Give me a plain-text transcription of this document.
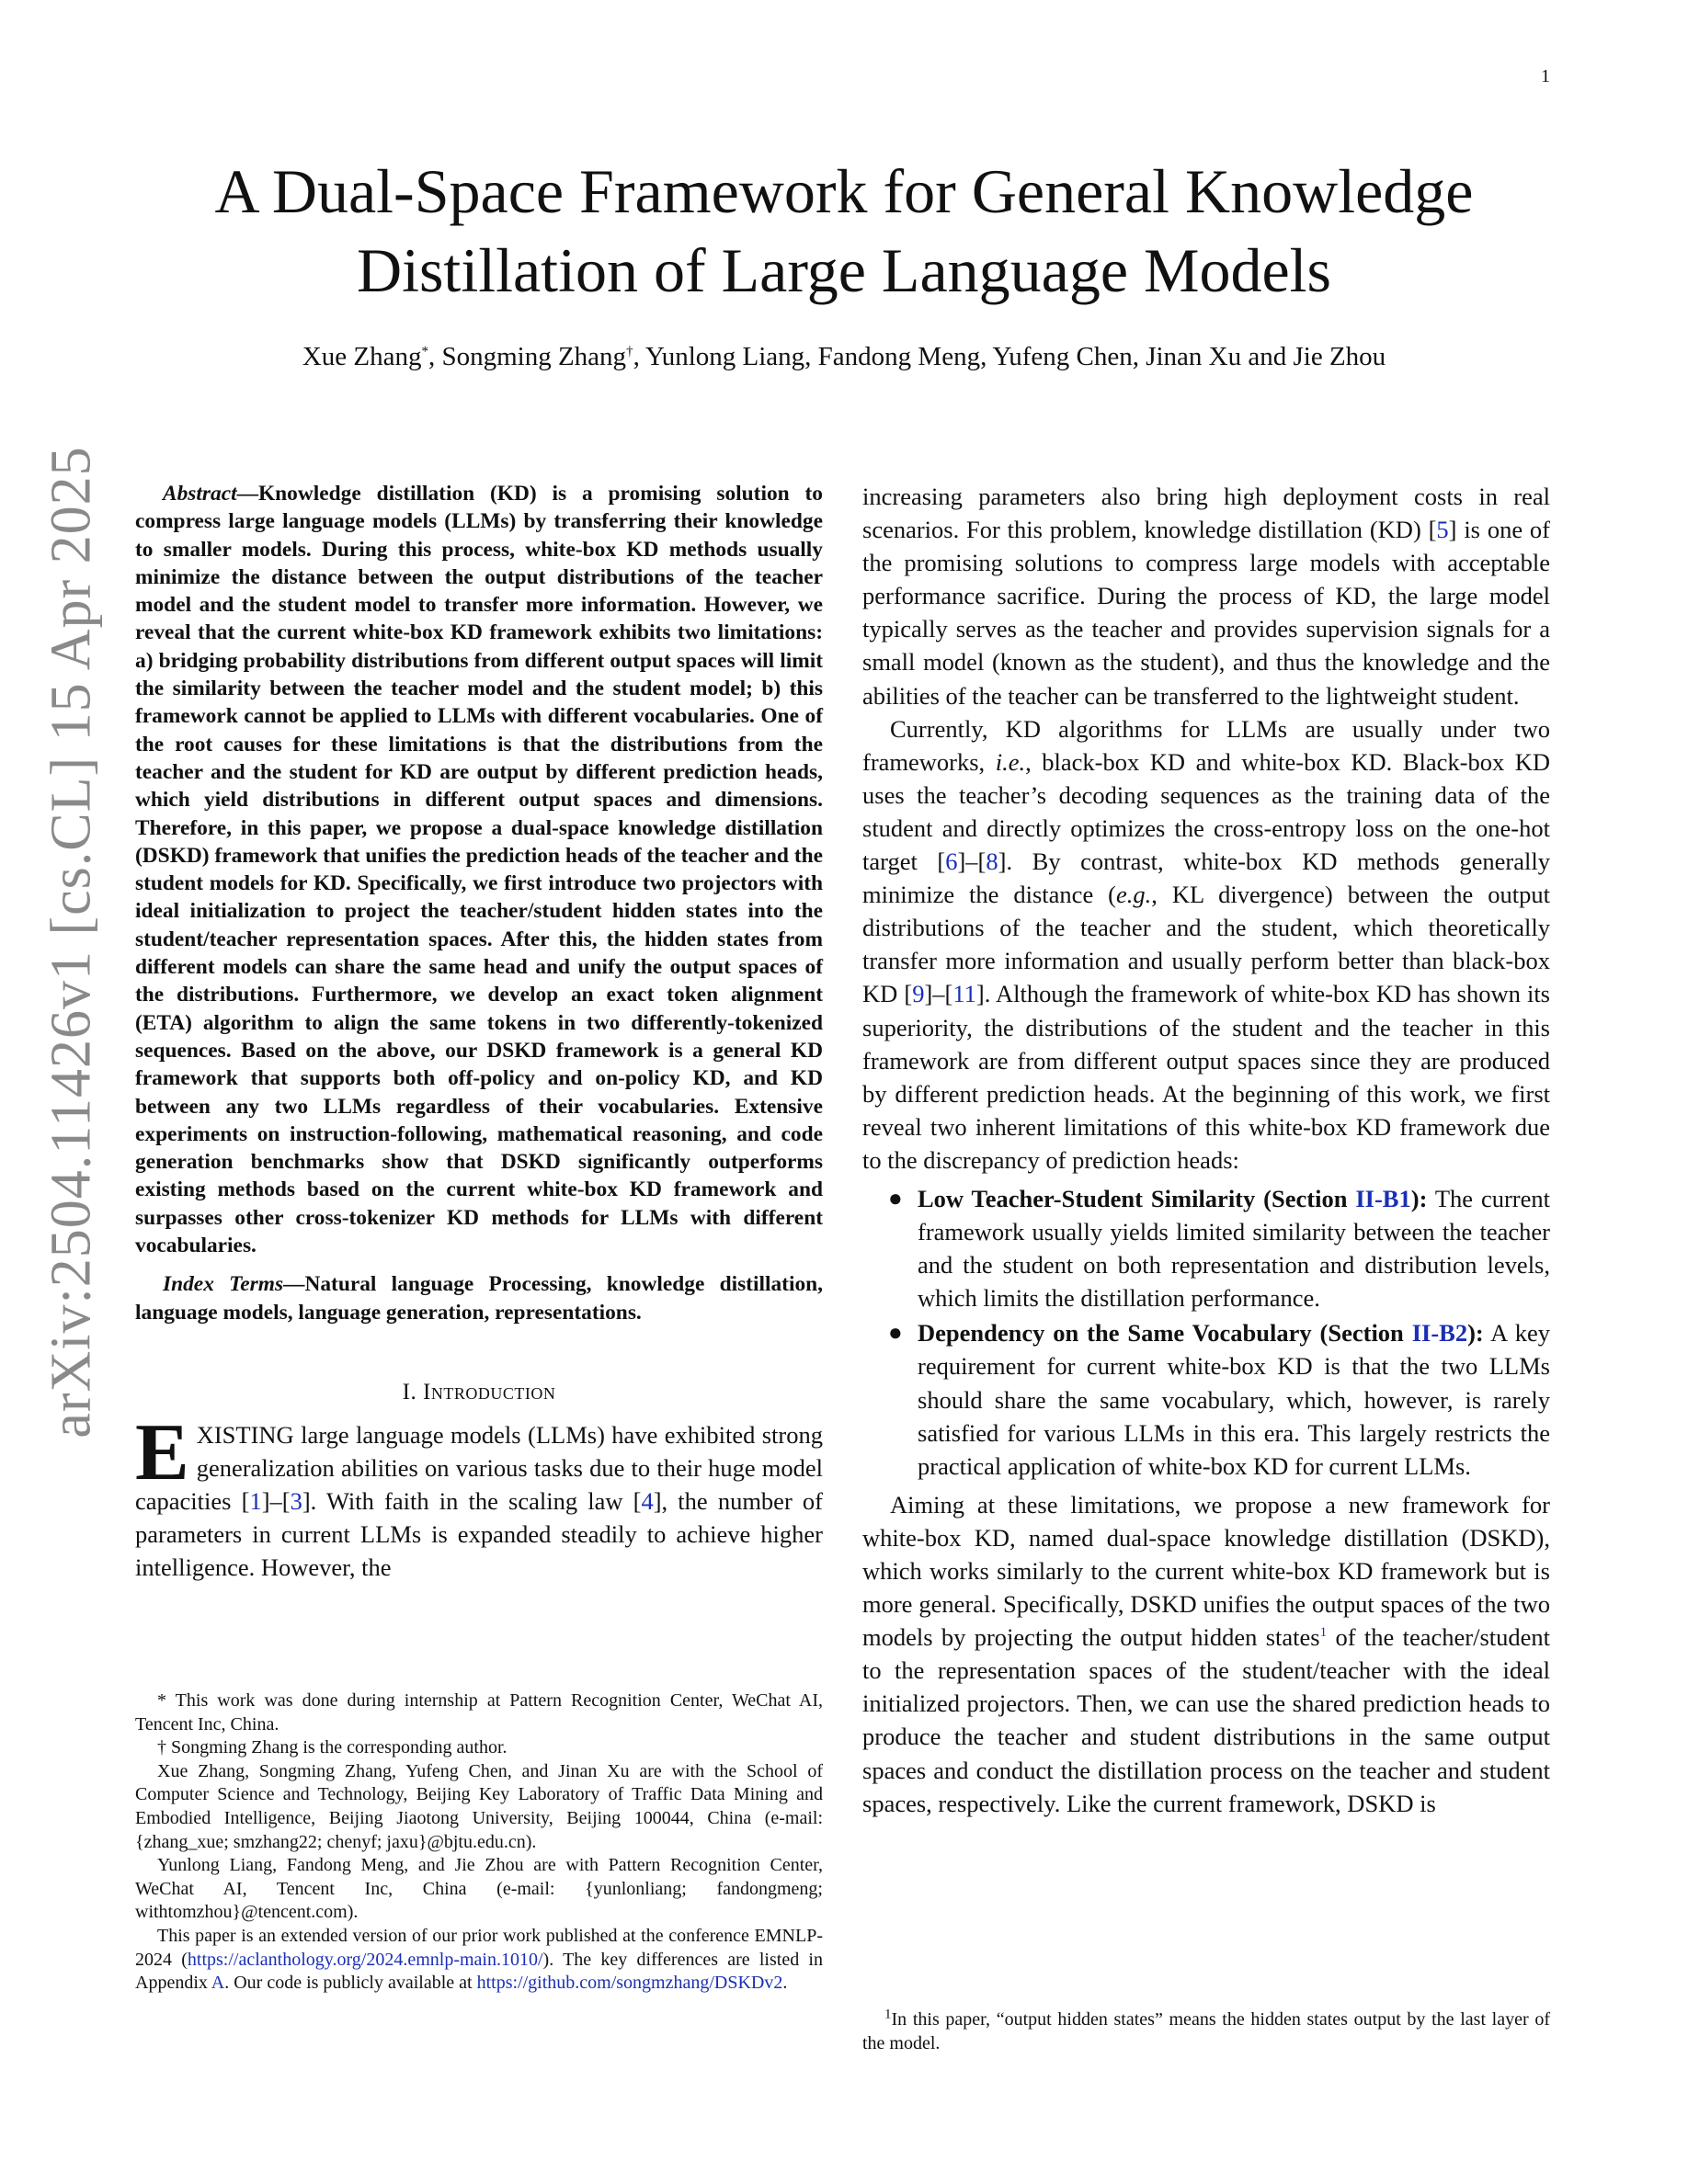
1
arXiv:2504.11426v1 [cs.CL] 15 Apr 2025
A Dual-Space Framework for General Knowledge
Distillation of Large Language Models
Xue Zhang*, Songming Zhang†, Yunlong Liang, Fandong Meng, Yufeng Chen, Jinan Xu and Jie Zhou

Abstract—Knowledge distillation (KD) is a promising solution to compress large language models (LLMs) by transferring their knowledge to smaller models. During this process, white-box KD methods usually minimize the distance between the output distributions of the teacher model and the student model to transfer more information. However, we reveal that the current white-box KD framework exhibits two limitations: a) bridging probability distributions from different output spaces will limit the similarity between the teacher model and the student model; b) this framework cannot be applied to LLMs with different vocabularies. One of the root causes for these limitations is that the distributions from the teacher and the student for KD are output by different prediction heads, which yield distributions in different output spaces and dimensions. Therefore, in this paper, we propose a dual-space knowledge distillation (DSKD) framework that unifies the prediction heads of the teacher and the student models for KD. Specifically, we first introduce two projectors with ideal initialization to project the teacher/student hidden states into the student/teacher representation spaces. After this, the hidden states from different models can share the same head and unify the output spaces of the distributions. Furthermore, we develop an exact token alignment (ETA) algorithm to align the same tokens in two differently-tokenized sequences. Based on the above, our DSKD framework is a general KD framework that supports both off-policy and on-policy KD, and KD between any two LLMs regardless of their vocabularies. Extensive experiments on instruction-following, mathematical reasoning, and code generation benchmarks show that DSKD significantly outperforms existing methods based on the current white-box KD framework and surpasses other cross-tokenizer KD methods for LLMs with different vocabularies.

Index Terms—Natural language Processing, knowledge distillation, language models, language generation, representations.

I. Introduction

EXISTING large language models (LLMs) have exhibited strong generalization abilities on various tasks due to their huge model capacities [1]–[3]. With faith in the scaling law [4], the number of parameters in current LLMs is expanded steadily to achieve higher intelligence. However, the

* This work was done during internship at Pattern Recognition Center, WeChat AI, Tencent Inc, China.

† Songming Zhang is the corresponding author.

Xue Zhang, Songming Zhang, Yufeng Chen, and Jinan Xu are with the School of Computer Science and Technology, Beijing Key Laboratory of Traffic Data Mining and Embodied Intelligence, Beijing Jiaotong University, Beijing 100044, China (e-mail: {zhang_xue; smzhang22; chenyf; jaxu}@bjtu.edu.cn).

Yunlong Liang, Fandong Meng, and Jie Zhou are with Pattern Recognition Center, WeChat AI, Tencent Inc, China (e-mail: {yunlonliang; fandongmeng; withtomzhou}@tencent.com).

This paper is an extended version of our prior work published at the conference EMNLP-2024 (https://aclanthology.org/2024.emnlp-main.1010/). The key differences are listed in Appendix A. Our code is publicly available at https://github.com/songmzhang/DSKDv2.

increasing parameters also bring high deployment costs in real scenarios. For this problem, knowledge distillation (KD) [5] is one of the promising solutions to compress large models with acceptable performance sacrifice. During the process of KD, the large model typically serves as the teacher and provides supervision signals for a small model (known as the student), and thus the knowledge and the abilities of the teacher can be transferred to the lightweight student.

Currently, KD algorithms for LLMs are usually under two frameworks, i.e., black-box KD and white-box KD. Black-box KD uses the teacher’s decoding sequences as the training data of the student and directly optimizes the cross-entropy loss on the one-hot target [6]–[8]. By contrast, white-box KD methods generally minimize the distance (e.g., KL divergence) between the output distributions of the teacher and the student, which theoretically transfer more information and usually perform better than black-box KD [9]–[11]. Although the framework of white-box KD has shown its superiority, the distributions of the student and the teacher in this framework are from different output spaces since they are produced by different prediction heads. At the beginning of this work, we first reveal two inherent limitations of this white-box KD framework due to the discrepancy of prediction heads:

● Low Teacher-Student Similarity (Section II-B1): The current framework usually yields limited similarity between the teacher and the student on both representation and distribution levels, which limits the distillation performance.
● Dependency on the Same Vocabulary (Section II-B2): A key requirement for current white-box KD is that the two LLMs should share the same vocabulary, which, however, is rarely satisfied for various LLMs in this era. This largely restricts the practical application of white-box KD for current LLMs.

Aiming at these limitations, we propose a new framework for white-box KD, named dual-space knowledge distillation (DSKD), which works similarly to the current white-box KD framework but is more general. Specifically, DSKD unifies the output spaces of the two models by projecting the output hidden states$^1$ of the teacher/student to the representation spaces of the student/teacher with the ideal initialized projectors. Then, we can use the shared prediction heads to produce the teacher and student distributions in the same output spaces and conduct the distillation process on the teacher and student spaces, respectively. Like the current framework, DSKD is

$^1$In this paper, “output hidden states” means the hidden states output by the last layer of the model.
